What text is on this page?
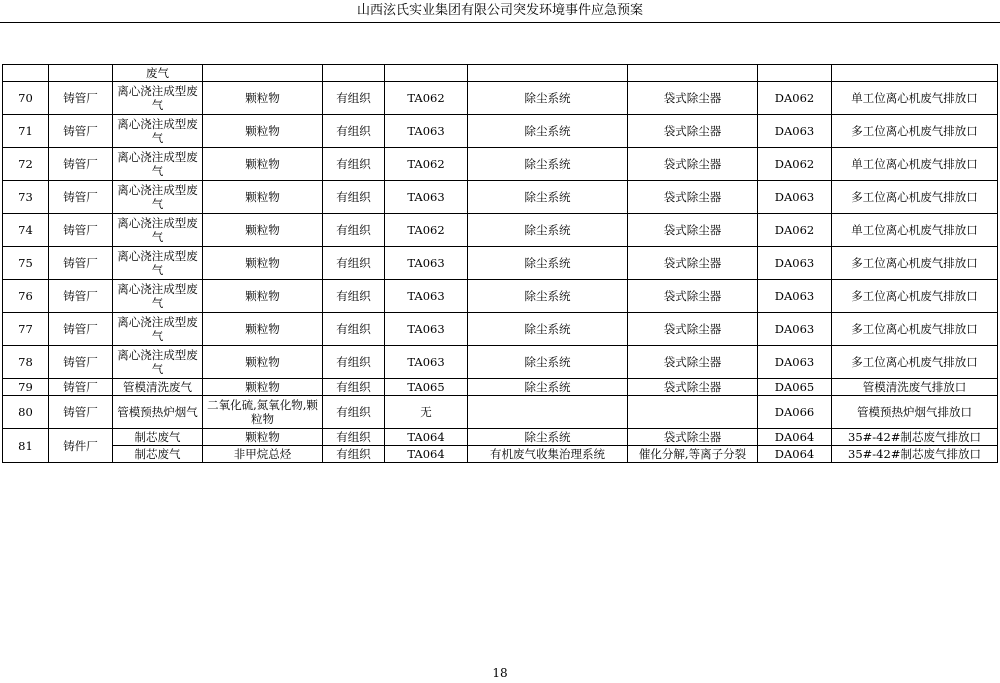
山西泫氏实业集团有限公司突发环境事件应急预案
		废气							
70	铸管厂	离心浇注成型废气	颗粒物	有组织	TA062	除尘系统	袋式除尘器	DA062	单工位离心机废气排放口
71	铸管厂	离心浇注成型废气	颗粒物	有组织	TA063	除尘系统	袋式除尘器	DA063	多工位离心机废气排放口
72	铸管厂	离心浇注成型废气	颗粒物	有组织	TA062	除尘系统	袋式除尘器	DA062	单工位离心机废气排放口
73	铸管厂	离心浇注成型废气	颗粒物	有组织	TA063	除尘系统	袋式除尘器	DA063	多工位离心机废气排放口
74	铸管厂	离心浇注成型废气	颗粒物	有组织	TA062	除尘系统	袋式除尘器	DA062	单工位离心机废气排放口
75	铸管厂	离心浇注成型废气	颗粒物	有组织	TA063	除尘系统	袋式除尘器	DA063	多工位离心机废气排放口
76	铸管厂	离心浇注成型废气	颗粒物	有组织	TA063	除尘系统	袋式除尘器	DA063	多工位离心机废气排放口
77	铸管厂	离心浇注成型废气	颗粒物	有组织	TA063	除尘系统	袋式除尘器	DA063	多工位离心机废气排放口
78	铸管厂	离心浇注成型废气	颗粒物	有组织	TA063	除尘系统	袋式除尘器	DA063	多工位离心机废气排放口
79	铸管厂	管模清洗废气	颗粒物	有组织	TA065	除尘系统	袋式除尘器	DA065	管模清洗废气排放口
80	铸管厂	管模预热炉烟气	二氧化硫,氮氧化物,颗粒物	有组织	无			DA066	管模预热炉烟气排放口
81	铸件厂	制芯废气	颗粒物	有组织	TA064	除尘系统	袋式除尘器	DA064	35#-42#制芯废气排放口
		制芯废气	非甲烷总烃	有组织	TA064	有机废气收集治理系统	催化分解,等离子分裂	DA064	35#-42#制芯废气排放口
18
